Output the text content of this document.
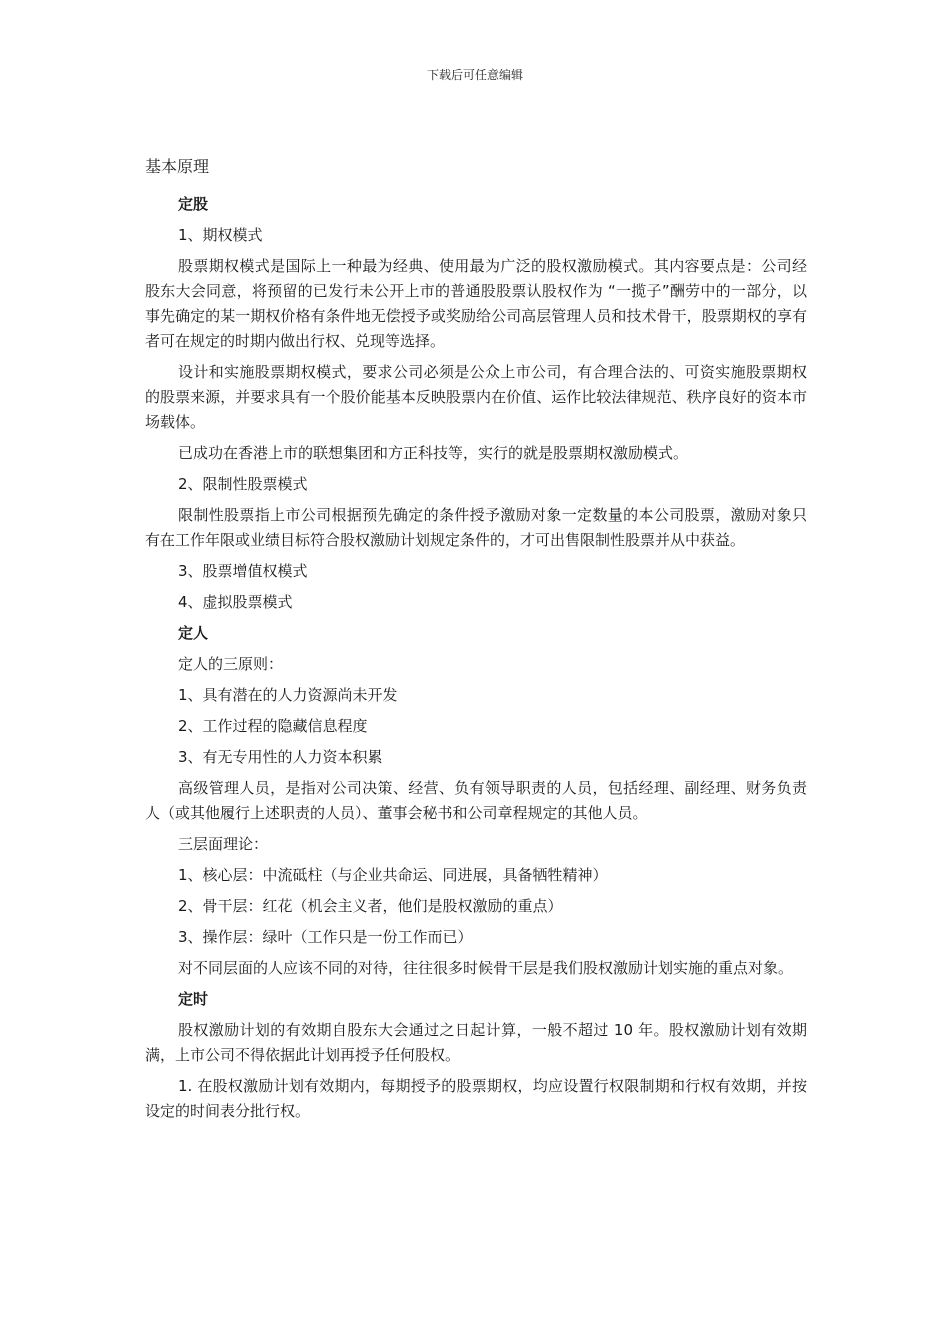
下载后可任意编辑
基本原理

定股

1、期权模式

股票期权模式是国际上一种最为经典、使用最为广泛的股权激励模式。其内容要点是：公司经股东大会同意，将预留的已发行未公开上市的普通股股票认股权作为 “一揽子”酬劳中的一部分，以事先确定的某一期权价格有条件地无偿授予或奖励给公司高层管理人员和技术骨干，股票期权的享有者可在规定的时期内做出行权、兑现等选择。

设计和实施股票期权模式，要求公司必须是公众上市公司，有合理合法的、可资实施股票期权的股票来源，并要求具有一个股价能基本反映股票内在价值、运作比较法律规范、秩序良好的资本市场载体。

已成功在香港上市的联想集团和方正科技等，实行的就是股票期权激励模式。

2、限制性股票模式

限制性股票指上市公司根据预先确定的条件授予激励对象一定数量的本公司股票，激励对象只有在工作年限或业绩目标符合股权激励计划规定条件的，才可出售限制性股票并从中获益。

3、股票增值权模式

4、虚拟股票模式

定人

定人的三原则：

1、具有潜在的人力资源尚未开发

2、工作过程的隐藏信息程度

3、有无专用性的人力资本积累

高级管理人员，是指对公司决策、经营、负有领导职责的人员，包括经理、副经理、财务负责人（或其他履行上述职责的人员）、董事会秘书和公司章程规定的其他人员。

三层面理论：

1、核心层：中流砥柱（与企业共命运、同进展，具备牺牲精神）

2、骨干层：红花（机会主义者，他们是股权激励的重点）

3、操作层：绿叶（工作只是一份工作而已）

对不同层面的人应该不同的对待，往往很多时候骨干层是我们股权激励计划实施的重点对象。

定时

股权激励计划的有效期自股东大会通过之日起计算，一般不超过 10 年。股权激励计划有效期满，上市公司不得依据此计划再授予任何股权。

1. 在股权激励计划有效期内，每期授予的股票期权，均应设置行权限制期和行权有效期，并按设定的时间表分批行权。
